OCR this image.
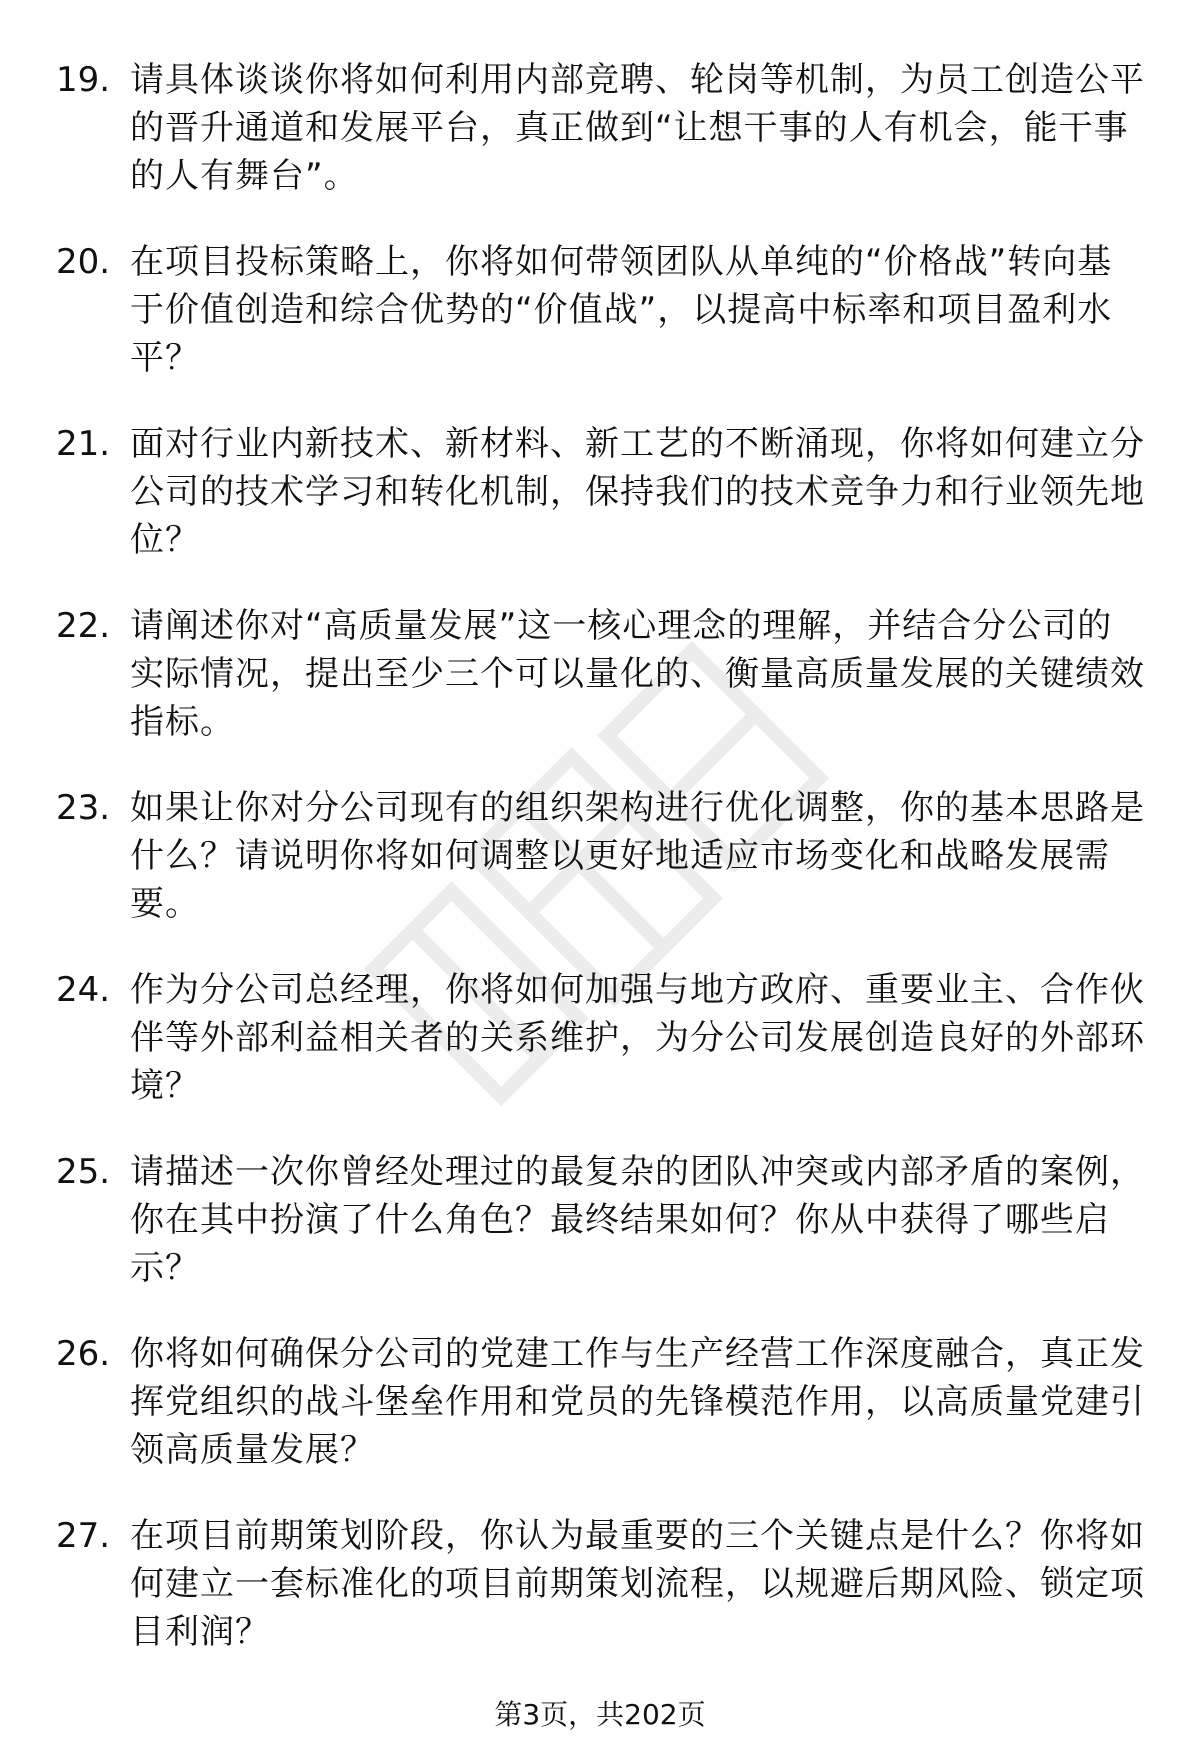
19. 请具体谈谈你将如何利用内部竞聘、轮岗等机制，为员工创造公平的晋升通道和发展平台，真正做到“让想干事的人有机会，能干事的人有舞台”。
20. 在项目投标策略上，你将如何带领团队从单纯的“价格战”转向基于价值创造和综合优势的“价值战”，以提高中标率和项目盈利水平？
21. 面对行业内新技术、新材料、新工艺的不断涌现，你将如何建立分公司的技术学习和转化机制，保持我们的技术竞争力和行业领先地位？
22. 请阐述你对“高质量发展”这一核心理念的理解，并结合分公司的实际情况，提出至少三个可以量化的、衡量高质量发展的关键绩效指标。
23. 如果让你对分公司现有的组织架构进行优化调整，你的基本思路是什么？请说明你将如何调整以更好地适应市场变化和战略发展需要。
24. 作为分公司总经理，你将如何加强与地方政府、重要业主、合作伙伴等外部利益相关者的关系维护，为分公司发展创造良好的外部环境？
25. 请描述一次你曾经处理过的最复杂的团队冲突或内部矛盾的案例，你在其中扮演了什么角色？最终结果如何？你从中获得了哪些启示？
26. 你将如何确保分公司的党建工作与生产经营工作深度融合，真正发挥党组织的战斗堡垒作用和党员的先锋模范作用，以高质量党建引领高质量发展？
27. 在项目前期策划阶段，你认为最重要的三个关键点是什么？你将如何建立一套标准化的项目前期策划流程，以规避后期风险、锁定项目利润？
第3页，共202页
